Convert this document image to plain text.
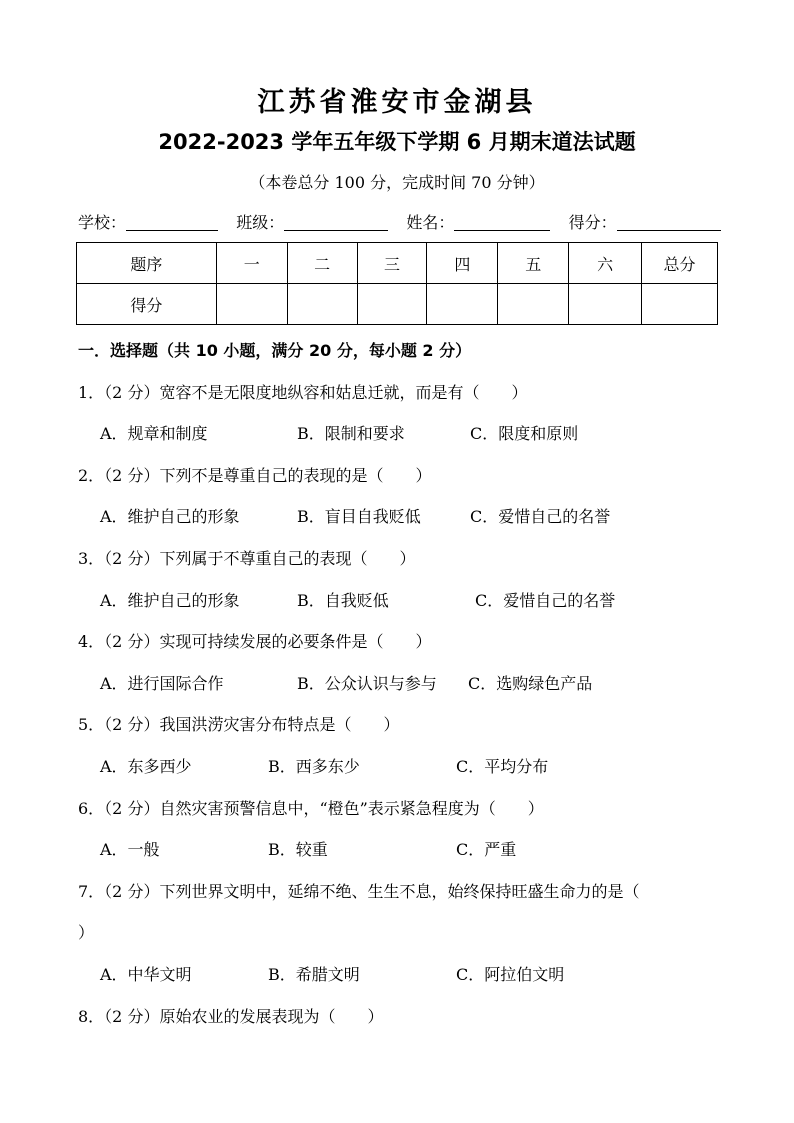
江苏省淮安市金湖县
2022-2023 学年五年级下学期 6 月期末道法试题
（本卷总分 100 分，完成时间 70 分钟）
学校：	班级：	姓名：	得分：
题序	一	二	三	四	五	六	总分
得分							
一．选择题（共 10 小题，满分 20 分，每小题 2 分）
1．（2 分）宽容不是无限度地纵容和姑息迁就，而是有（　　）
A．规章和制度	B．限制和要求	C．限度和原则
2．（2 分）下列不是尊重自己的表现的是（　　）
A．维护自己的形象	B．盲目自我贬低	C．爱惜自己的名誉
3．（2 分）下列属于不尊重自己的表现（　　）
A．维护自己的形象	B．自我贬低	C．爱惜自己的名誉
4．（2 分）实现可持续发展的必要条件是（　　）
A．进行国际合作	B．公众认识与参与 C．选购绿色产品
5．（2 分）我国洪涝灾害分布特点是（　　）
A．东多西少	B．西多东少	C．平均分布
6．（2 分）自然灾害预警信息中，“橙色”表示紧急程度为（　　）
A．一般	B．较重	C．严重
7．（2 分）下列世界文明中，延绵不绝、生生不息，始终保持旺盛生命力的是（
）
A．中华文明	B．希腊文明	C．阿拉伯文明
8．（2 分）原始农业的发展表现为（　　）
